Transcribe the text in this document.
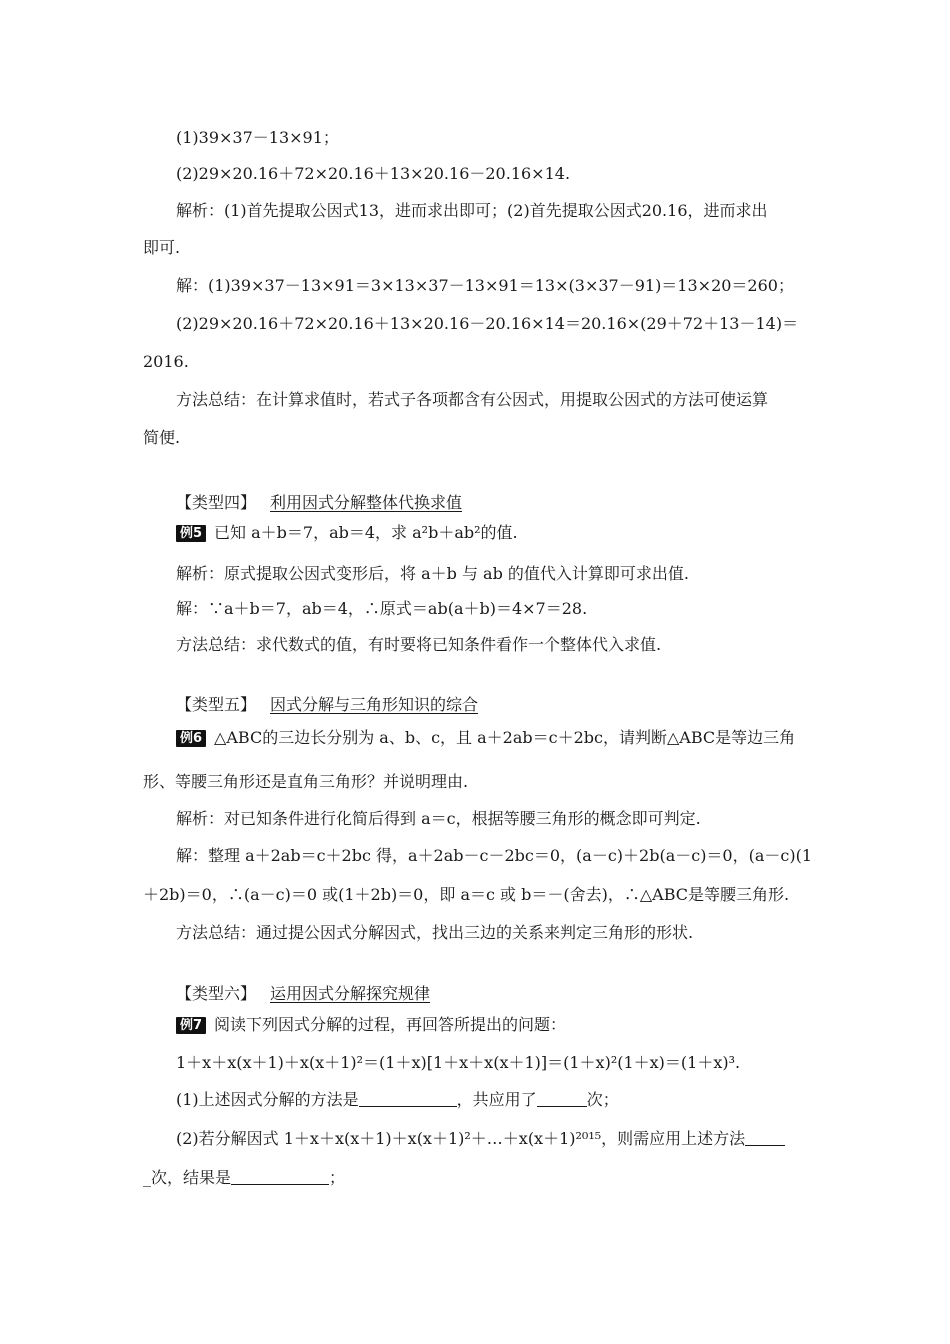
(1)39×37－13×91；
(2)29×20.16＋72×20.16＋13×20.16－20.16×14.
解析：(1)首先提取公因式13，进而求出即可；(2)首先提取公因式20.16，进而求出
即可.
解：(1)39×37－13×91＝3×13×37－13×91＝13×(3×37－91)＝13×20＝260；
(2)29×20.16＋72×20.16＋13×20.16－20.16×14＝20.16×(29＋72＋13－14)＝
2016.
方法总结：在计算求值时，若式子各项都含有公因式，用提取公因式的方法可使运算
简便.
【类型四】 利用因式分解整体代换求值
例5 已知 a＋b＝7，ab＝4，求 a²b＋ab²的值.
解析：原式提取公因式变形后，将 a＋b 与 ab 的值代入计算即可求出值.
解：∵a＋b＝7，ab＝4，∴原式＝ab(a＋b)＝4×7＝28.
方法总结：求代数式的值，有时要将已知条件看作一个整体代入求值.
【类型五】 因式分解与三角形知识的综合
例6 △ABC的三边长分别为 a、b、c，且 a＋2ab＝c＋2bc，请判断△ABC是等边三角
形、等腰三角形还是直角三角形？并说明理由.
解析：对已知条件进行化简后得到 a＝c，根据等腰三角形的概念即可判定.
解：整理 a＋2ab＝c＋2bc 得，a＋2ab－c－2bc＝0，(a－c)＋2b(a－c)＝0，(a－c)(1
＋2b)＝0，∴(a－c)＝0 或(1＋2b)＝0，即 a＝c 或 b＝－(舍去)，∴△ABC是等腰三角形.
方法总结：通过提公因式分解因式，找出三边的关系来判定三角形的形状.
【类型六】 运用因式分解探究规律
例7 阅读下列因式分解的过程，再回答所提出的问题：
1＋x＋x(x＋1)＋x(x＋1)²＝(1＋x)[1＋x＋x(x＋1)]＝(1＋x)²(1＋x)＝(1＋x)³.
(1)上述因式分解的方法是	，共应用了	次；
(2)若分解因式 1＋x＋x(x＋1)＋x(x＋1)²＋…＋x(x＋1)²⁰¹⁵，则需应用上述方法
_次，结果是	；
